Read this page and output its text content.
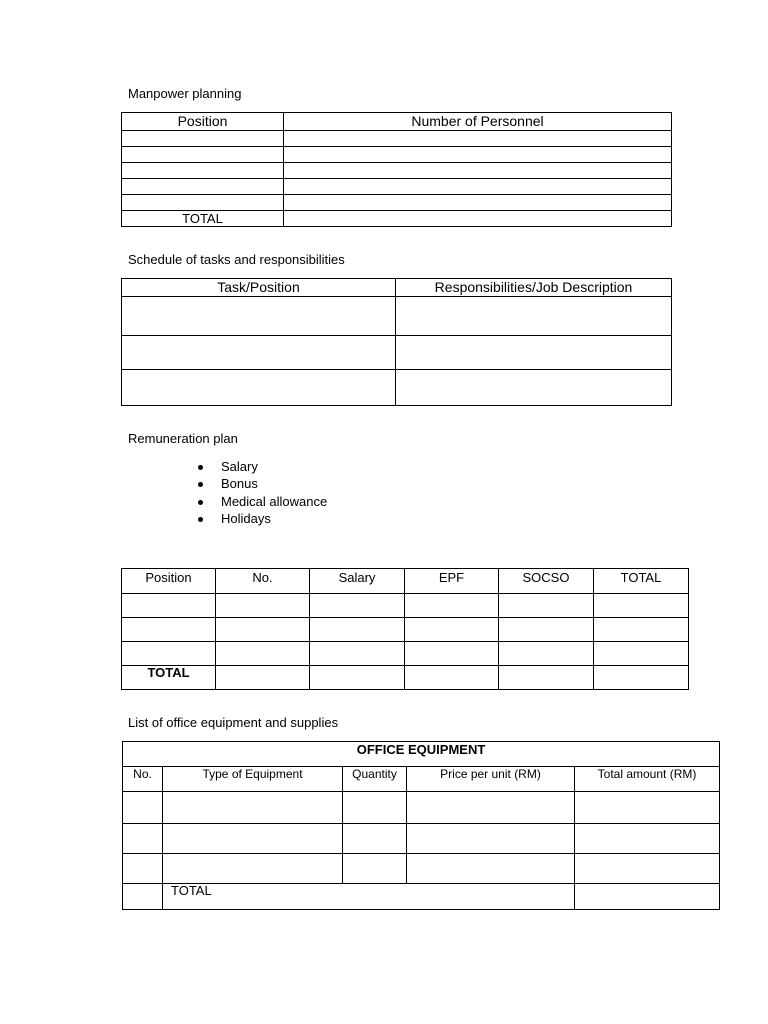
Manpower planning
Position	Number of Personnel

TOTAL	
Schedule of tasks and responsibilities
Task/Position	Responsibilities/Job Description

Remuneration plan
Salary
Bonus
Medical allowance
Holidays
Position	No.	Salary	EPF	SOCSO	TOTAL

TOTAL					
List of office equipment and supplies
OFFICE EQUIPMENT				
No.	Type of Equipment	Quantity	Price per unit (RM)	Total amount (RM)

	TOTAL			
